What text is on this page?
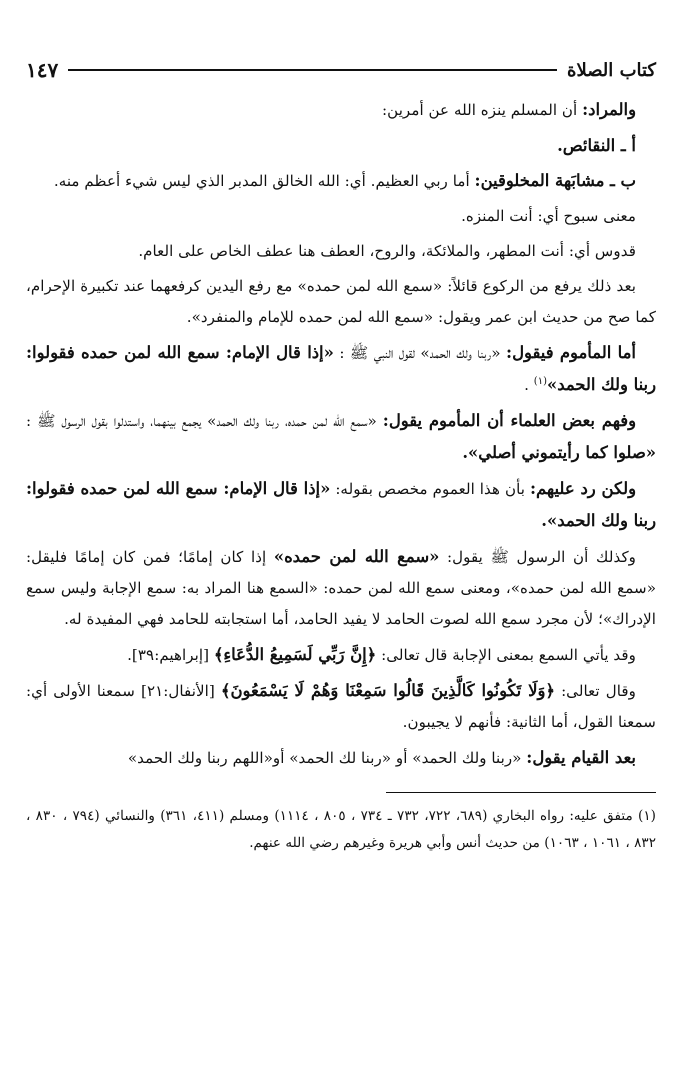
كتاب الصلاة
١٤٧

والمراد: أن المسلم ينزه الله عن أمرين:

أ ـ النقائص.

ب ـ مشابَهة المخلوقين: أما ربي العظيم. أي: الله الخالق المدبر الذي ليس شيء أعظم منه.

معنى سبوح أي: أنت المنزه.

قدوس أي: أنت المطهر، والملائكة، والروح، العطف هنا عطف الخاص على العام.

بعد ذلك يرفع من الركوع قائلاً: «سمع الله لمن حمده» مع رفع اليدين كرفعهما عند تكبيرة الإحرام، كما صح من حديث ابن عمر ويقول: «سمع الله لمن حمده للإمام والمنفرد».

أما المأموم فيقول: «ربنا ولك الحمد» لقول النبي ﷺ : «إذا قال الإمام: سمع الله لمن حمده فقولوا: ربنا ولك الحمد»$^{(١)}$ .

وفهم بعض العلماء أن المأموم يقول: «سمع الله لمن حمده، ربنا ولك الحمد» يجمع بينهما، واستدلوا بقول الرسول ﷺ : «صلوا كما رأيتموني أصلي».

ولكن رد عليهم: بأن هذا العموم مخصص بقوله: «إذا قال الإمام: سمع الله لمن حمده فقولوا: ربنا ولك الحمد».

وكذلك أن الرسول ﷺ يقول: «سمع الله لمن حمده» إذا كان إمامًا؛ فمن كان إمامًا فليقل: «سمع الله لمن حمده»، ومعنى سمع الله لمن حمده: «السمع هنا المراد به: سمع الإجابة وليس سمع الإدراك»؛ لأن مجرد سمع الله لصوت الحامد لا يفيد الحامد، أما استجابته للحامد فهي المفيدة له.

وقد يأتي السمع بمعنى الإجابة قال تعالى: ﴿إِنَّ رَبِّي لَسَمِيعُ الدُّعَاءِ﴾ [إبراهيم:٣٩].

وقال تعالى: ﴿وَلَا تَكُونُوا كَالَّذِينَ قَالُوا سَمِعْنَا وَهُمْ لَا يَسْمَعُونَ﴾ [الأنفال:٢١] سمعنا الأولى أي: سمعنا القول، أما الثانية: فأنهم لا يجيبون.

بعد القيام يقول: «ربنا ولك الحمد» أو «ربنا لك الحمد» أو«اللهم ربنا ولك الحمد»

(١) متفق عليه: رواه البخاري (٦٨٩، ٧٢٢، ٧٣٢ ـ ٧٣٤ ، ٨٠٥ ، ١١١٤) ومسلم (٤١١، ٣٦١) والنسائي (٧٩٤ ، ٨٣٠ ، ٨٣٢ ، ١٠٦١ ، ١٠٦٣) من حديث أنس وأبي هريرة وغيرهم رضي الله عنهم.
